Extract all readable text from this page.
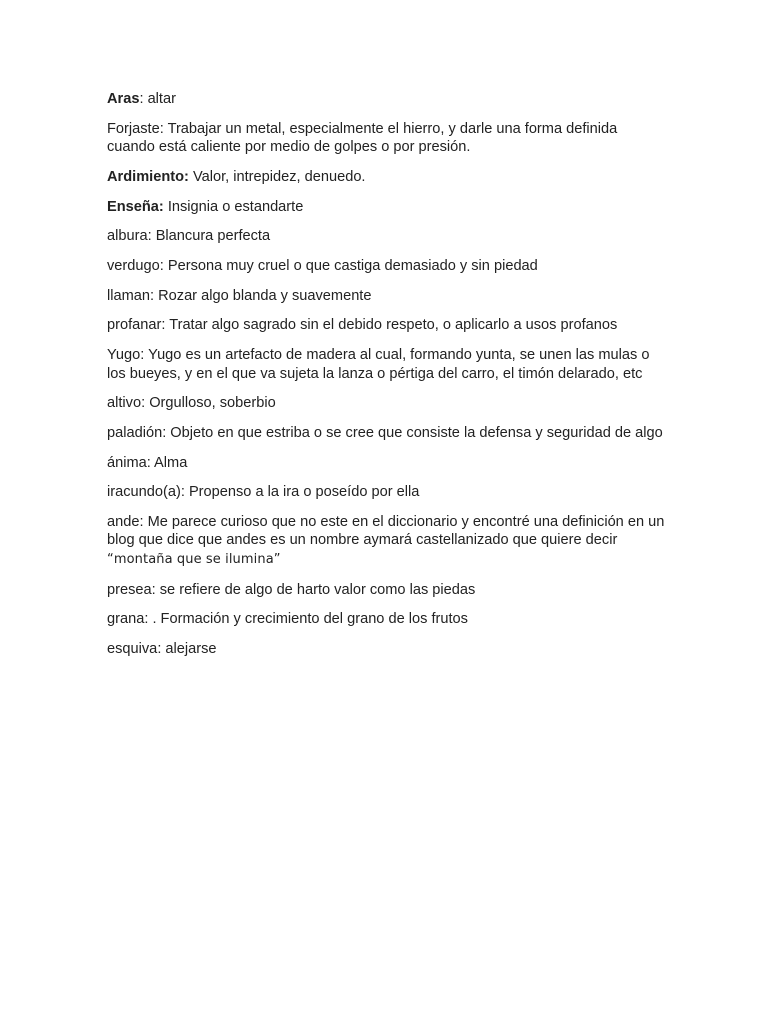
Aras: altar
Forjaste: Trabajar un metal, especialmente el hierro, y darle una forma definida cuando está caliente por medio de golpes o por presión.
Ardimiento: Valor, intrepidez, denuedo.
Enseña: Insignia o estandarte
albura: Blancura perfecta
verdugo: Persona muy cruel o que castiga demasiado y sin piedad
llaman: Rozar algo blanda y suavemente
profanar: Tratar algo sagrado sin el debido respeto, o aplicarlo a usos profanos
Yugo: Yugo es un artefacto de madera al cual, formando yunta, se unen las mulas o los bueyes, y en el que va sujeta la lanza o pértiga del carro, el timón delarado, etc
altivo: Orgulloso, soberbio
paladión: Objeto en que estriba o se cree que consiste la defensa y seguridad de algo
ánima: Alma
iracundo(a): Propenso a la ira o poseído por ella
ande: Me parece curioso que no este en el diccionario y encontré una definición en un blog que dice que andes es un nombre aymará castellanizado que quiere decir “montaña que se ilumina”
presea: se refiere de algo de harto valor como las piedas
grana: . Formación y crecimiento del grano de los frutos
esquiva: alejarse
